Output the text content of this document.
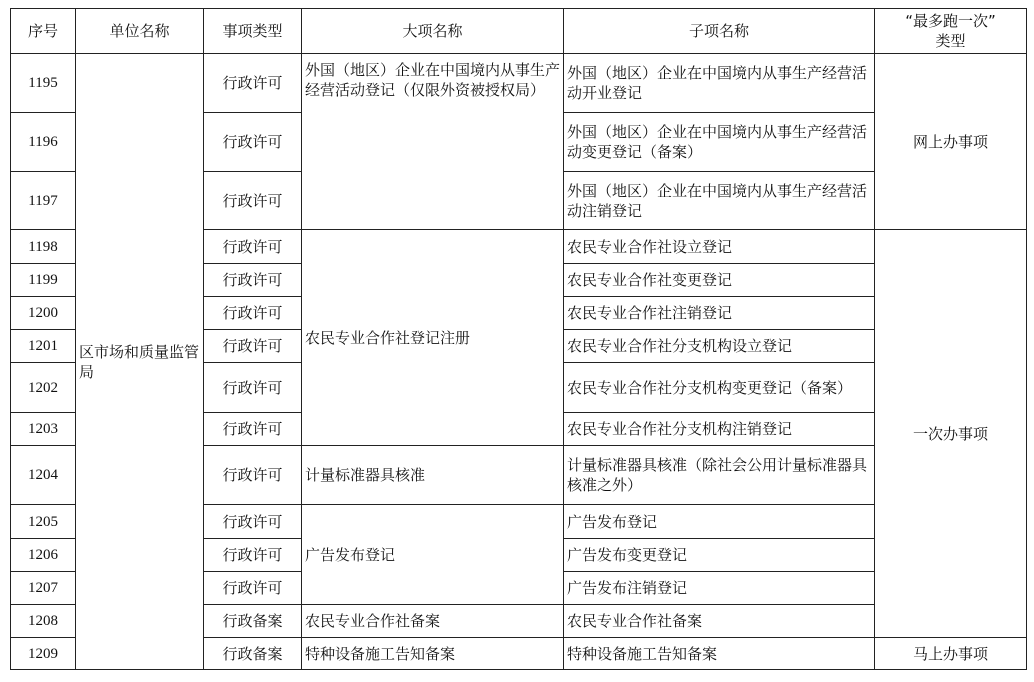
序号	单位名称	事项类型	大项名称	子项名称	“最多跑一次”
类型

1195	区市场和质量监管局	行政许可	外国（地区）企业在中国境内从事生产经营活动登记（仅限外资被授权局）	外国（地区）企业在中国境内从事生产经营活动开业登记	网上办事项
1196		行政许可		外国（地区）企业在中国境内从事生产经营活动变更登记（备案）	
1197		行政许可		外国（地区）企业在中国境内从事生产经营活动注销登记	
1198		行政许可	农民专业合作社登记注册	农民专业合作社设立登记	一次办事项
1199		行政许可		农民专业合作社变更登记	
1200		行政许可		农民专业合作社注销登记	
1201		行政许可		农民专业合作社分支机构设立登记	
1202		行政许可		农民专业合作社分支机构变更登记（备案）	
1203		行政许可		农民专业合作社分支机构注销登记	
1204		行政许可	计量标准器具核准	计量标准器具核准（除社会公用计量标准器具核准之外）	
1205		行政许可	广告发布登记	广告发布登记	
1206		行政许可		广告发布变更登记	
1207		行政许可		广告发布注销登记	
1208		行政备案	农民专业合作社备案	农民专业合作社备案	
1209		行政备案	特种设备施工告知备案	特种设备施工告知备案	马上办事项
